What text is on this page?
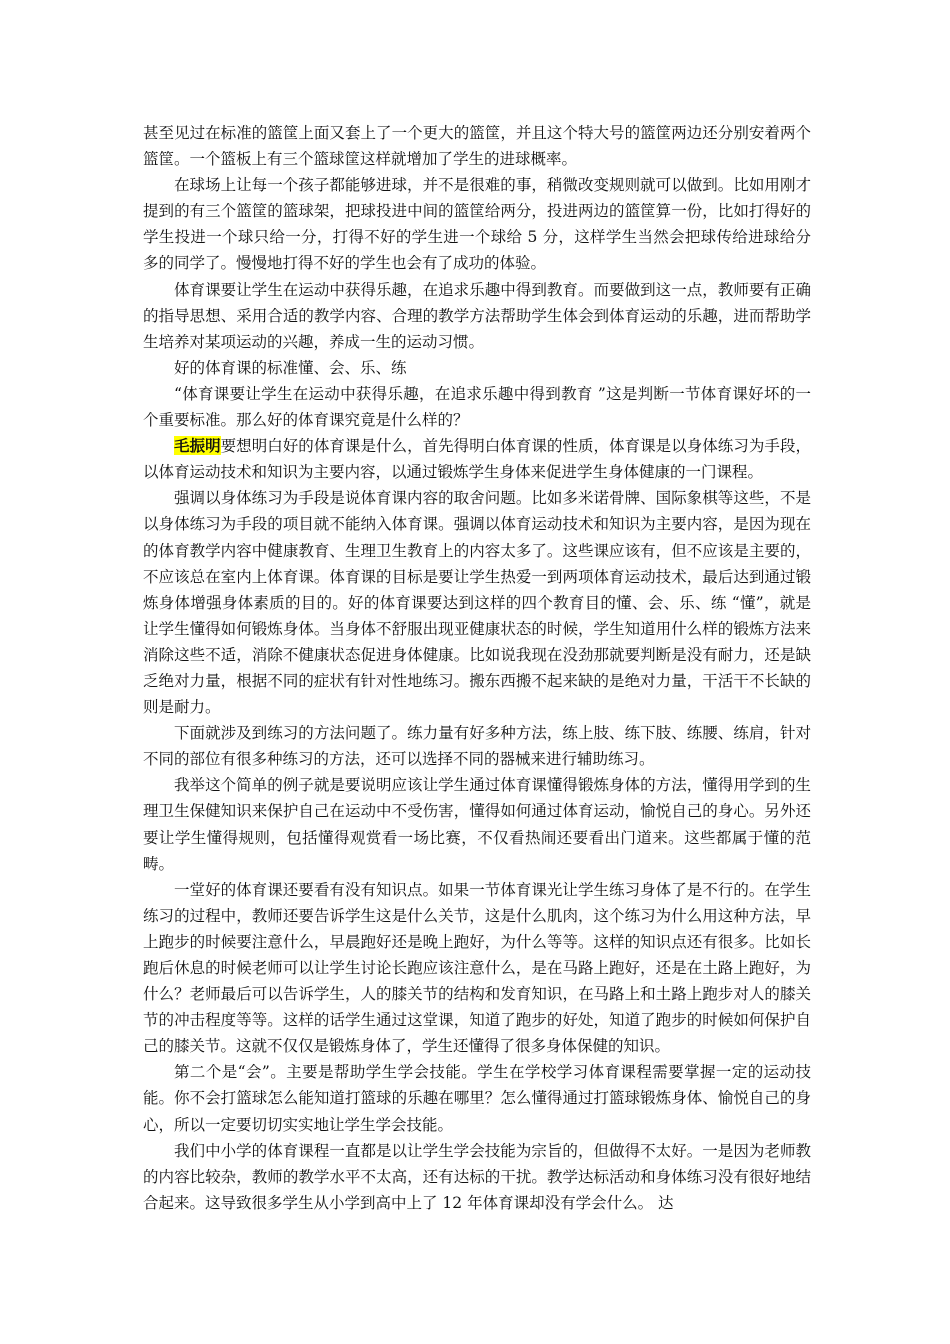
甚至见过在标准的篮筐上面又套上了一个更大的篮筐，并且这个特大号的篮筐两边还分别安着两个篮筐。一个篮板上有三个篮球筐这样就增加了学生的进球概率。

在球场上让每一个孩子都能够进球，并不是很难的事，稍微改变规则就可以做到。比如用刚才提到的有三个篮筐的篮球架，把球投进中间的篮筐给两分，投进两边的篮筐算一份，比如打得好的学生投进一个球只给一分，打得不好的学生进一个球给 5 分，这样学生当然会把球传给进球给分多的同学了。慢慢地打得不好的学生也会有了成功的体验。

体育课要让学生在运动中获得乐趣，在追求乐趣中得到教育。而要做到这一点，教师要有正确的指导思想、采用合适的教学内容、合理的教学方法帮助学生体会到体育运动的乐趣，进而帮助学生培养对某项运动的兴趣，养成一生的运动习惯。

好的体育课的标准懂、会、乐、练

“体育课要让学生在运动中获得乐趣，在追求乐趣中得到教育 ”这是判断一节体育课好坏的一个重要标准。那么好的体育课究竟是什么样的？

毛振明要想明白好的体育课是什么，首先得明白体育课的性质，体育课是以身体练习为手段，以体育运动技术和知识为主要内容，以通过锻炼学生身体来促进学生身体健康的一门课程。

强调以身体练习为手段是说体育课内容的取舍问题。比如多米诺骨牌、国际象棋等这些，不是以身体练习为手段的项目就不能纳入体育课。强调以体育运动技术和知识为主要内容，是因为现在的体育教学内容中健康教育、生理卫生教育上的内容太多了。这些课应该有，但不应该是主要的，不应该总在室内上体育课。体育课的目标是要让学生热爱一到两项体育运动技术，最后达到通过锻炼身体增强身体素质的目的。好的体育课要达到这样的四个教育目的懂、会、乐、练 “懂”，就是让学生懂得如何锻炼身体。当身体不舒服出现亚健康状态的时候，学生知道用什么样的锻炼方法来消除这些不适，消除不健康状态促进身体健康。比如说我现在没劲那就要判断是没有耐力，还是缺乏绝对力量，根据不同的症状有针对性地练习。搬东西搬不起来缺的是绝对力量，干活干不长缺的则是耐力。

下面就涉及到练习的方法问题了。练力量有好多种方法，练上肢、练下肢、练腰、练肩，针对不同的部位有很多种练习的方法，还可以选择不同的器械来进行辅助练习。

我举这个简单的例子就是要说明应该让学生通过体育课懂得锻炼身体的方法，懂得用学到的生理卫生保健知识来保护自己在运动中不受伤害，懂得如何通过体育运动，愉悦自己的身心。另外还要让学生懂得规则，包括懂得观赏看一场比赛，不仅看热闹还要看出门道来。这些都属于懂的范畴。

一堂好的体育课还要看有没有知识点。如果一节体育课光让学生练习身体了是不行的。在学生练习的过程中，教师还要告诉学生这是什么关节，这是什么肌肉，这个练习为什么用这种方法，早上跑步的时候要注意什么，早晨跑好还是晚上跑好，为什么等等。这样的知识点还有很多。比如长跑后休息的时候老师可以让学生讨论长跑应该注意什么，是在马路上跑好，还是在土路上跑好，为什么？老师最后可以告诉学生，人的膝关节的结构和发育知识，在马路上和土路上跑步对人的膝关节的冲击程度等等。这样的话学生通过这堂课，知道了跑步的好处，知道了跑步的时候如何保护自己的膝关节。这就不仅仅是锻炼身体了，学生还懂得了很多身体保健的知识。

第二个是“会”。主要是帮助学生学会技能。学生在学校学习体育课程需要掌握一定的运动技能。你不会打篮球怎么能知道打篮球的乐趣在哪里？怎么懂得通过打篮球锻炼身体、愉悦自己的身心，所以一定要切切实实地让学生学会技能。

我们中小学的体育课程一直都是以让学生学会技能为宗旨的，但做得不太好。一是因为老师教的内容比较杂，教师的教学水平不太高，还有达标的干扰。教学达标活动和身体练习没有很好地结合起来。这导致很多学生从小学到高中上了 12 年体育课却没有学会什么。 达
